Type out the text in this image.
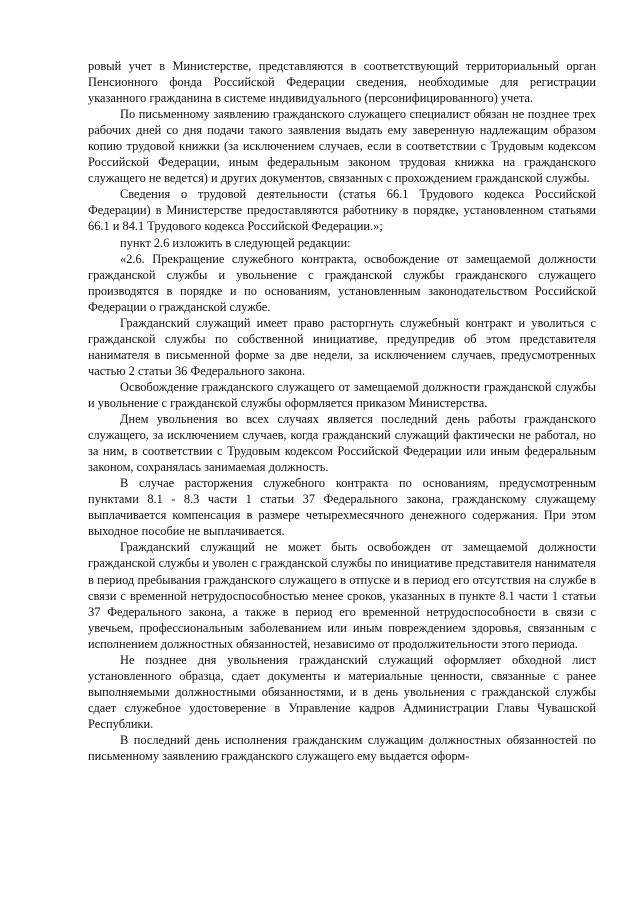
ровый учет в Министерстве, представляются в соответствующий территориальный орган Пенсионного фонда Российской Федерации сведения, необходимые для регистрации указанного гражданина в системе индивидуального (персонифицированного) учета.

По письменному заявлению гражданского служащего специалист обязан не позднее трех рабочих дней со дня подачи такого заявления выдать ему заверенную надлежащим образом копию трудовой книжки (за исключением случаев, если в соответствии с Трудовым кодексом Российской Федерации, иным федеральным законом трудовая книжка на гражданского служащего не ведется) и других документов, связанных с прохождением гражданской службы.

Сведения о трудовой деятельности (статья 66.1 Трудового кодекса Российской Федерации) в Министерстве предоставляются работнику в порядке, установленном статьями 66.1 и 84.1 Трудового кодекса Российской Федерации.»;

пункт 2.6 изложить в следующей редакции:

«2.6. Прекращение служебного контракта, освобождение от замещаемой должности гражданской службы и увольнение с гражданской службы гражданского служащего производятся в порядке и по основаниям, установленным законодательством Российской Федерации о гражданской службе.

Гражданский служащий имеет право расторгнуть служебный контракт и уволиться с гражданской службы по собственной инициативе, предупредив об этом представителя нанимателя в письменной форме за две недели, за исключением случаев, предусмотренных частью 2 статьи 36 Федерального закона.

Освобождение гражданского служащего от замещаемой должности гражданской службы и увольнение с гражданской службы оформляется приказом Министерства.

Днем увольнения во всех случаях является последний день работы гражданского служащего, за исключением случаев, когда гражданский служащий фактически не работал, но за ним, в соответствии с Трудовым кодексом Российской Федерации или иным федеральным законом, сохранялась занимаемая должность.

В случае расторжения служебного контракта по основаниям, предусмотренным пунктами 8.1 - 8.3 части 1 статьи 37 Федерального закона, гражданскому служащему выплачивается компенсация в размере четырехмесячного денежного содержания. При этом выходное пособие не выплачивается.

Гражданский служащий не может быть освобожден от замещаемой должности гражданской службы и уволен с гражданской службы по инициативе представителя нанимателя в период пребывания гражданского служащего в отпуске и в период его отсутствия на службе в связи с временной нетрудоспособностью менее сроков, указанных в пункте 8.1 части 1 статьи 37 Федерального закона, а также в период его временной нетрудоспособности в связи с увечьем, профессиональным заболеванием или иным повреждением здоровья, связанным с исполнением должностных обязанностей, независимо от продолжительности этого периода.

Не позднее дня увольнения гражданский служащий оформляет обходной лист установленного образца, сдает документы и материальные ценности, связанные с ранее выполняемыми должностными обязанностями, и в день увольнения с гражданской службы сдает служебное удостоверение в Управление кадров Администрации Главы Чувашской Республики.

В последний день исполнения гражданским служащим должностных обязанностей по письменному заявлению гражданского служащего ему выдается оформ-
